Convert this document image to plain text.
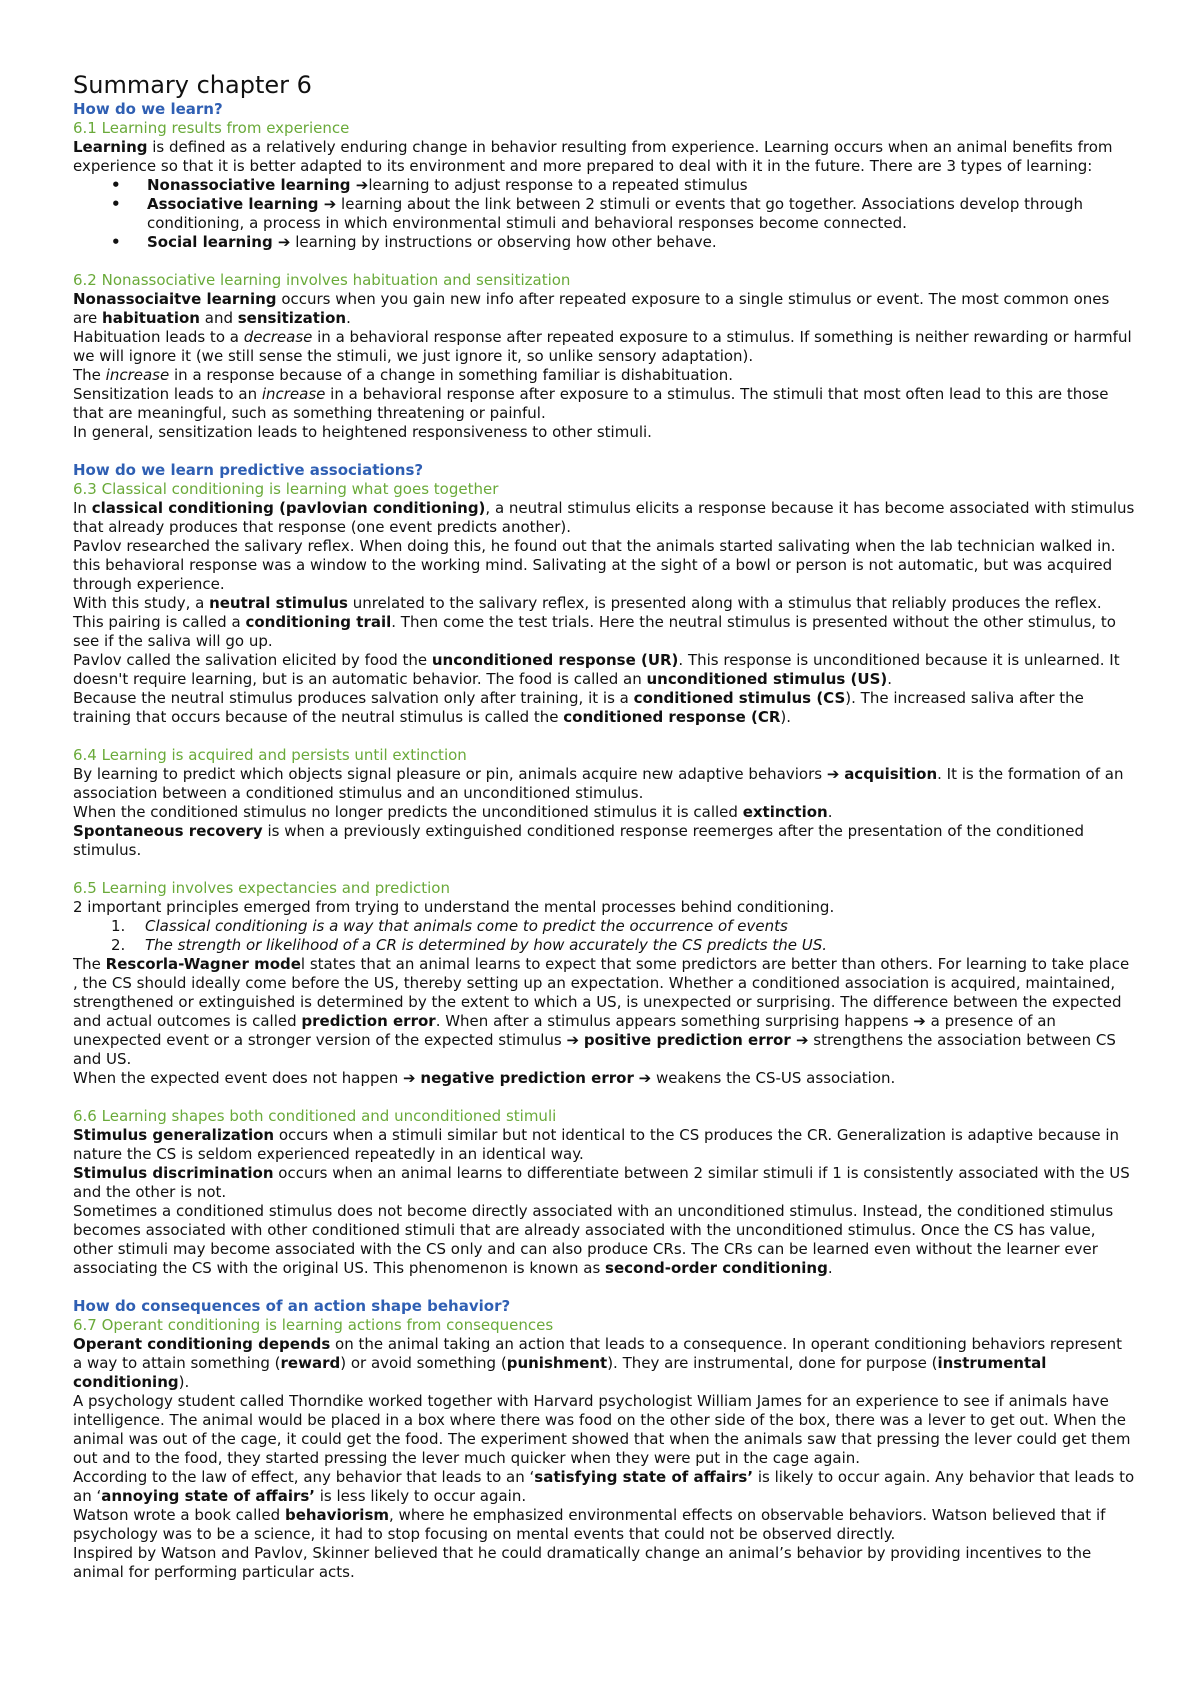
Summary chapter 6
How do we learn?
6.1 Learning results from experience

Learning is defined as a relatively enduring change in behavior resulting from experience. Learning occurs when an animal benefits from experience so that it is better adapted to its environment and more prepared to deal with it in the future. There are 3 types of learning:

• Nonassociative learning ➔learning to adjust response to a repeated stimulus
• Associative learning ➔ learning about the link between 2 stimuli or events that go together. Associations develop through conditioning, a process in which environmental stimuli and behavioral responses become connected.
• Social learning ➔ learning by instructions or observing how other behave.
6.2 Nonassociative learning involves habituation and sensitization

Nonassociaitve learning occurs when you gain new info after repeated exposure to a single stimulus or event. The most common ones are habituation and sensitization.

Habituation leads to a decrease in a behavioral response after repeated exposure to a stimulus. If something is neither rewarding or harmful we will ignore it (we still sense the stimuli, we just ignore it, so unlike sensory adaptation).

The increase in a response because of a change in something familiar is dishabituation.

Sensitization leads to an increase in a behavioral response after exposure to a stimulus. The stimuli that most often lead to this are those that are meaningful, such as something threatening or painful.

In general, sensitization leads to heightened responsiveness to other stimuli.

How do we learn predictive associations?
6.3 Classical conditioning is learning what goes together

In classical conditioning (pavlovian conditioning), a neutral stimulus elicits a response because it has become associated with stimulus that already produces that response (one event predicts another).

Pavlov researched the salivary reflex. When doing this, he found out that the animals started salivating when the lab technician walked in. this behavioral response was a window to the working mind. Salivating at the sight of a bowl or person is not automatic, but was acquired through experience.

With this study, a neutral stimulus unrelated to the salivary reflex, is presented along with a stimulus that reliably produces the reflex. This pairing is called a conditioning trail. Then come the test trials. Here the neutral stimulus is presented without the other stimulus, to see if the saliva will go up.

Pavlov called the salivation elicited by food the unconditioned response (UR). This response is unconditioned because it is unlearned. It doesn't require learning, but is an automatic behavior. The food is called an unconditioned stimulus (US).

Because the neutral stimulus produces salvation only after training, it is a conditioned stimulus (CS). The increased saliva after the training that occurs because of the neutral stimulus is called the conditioned response (CR).

6.4 Learning is acquired and persists until extinction

By learning to predict which objects signal pleasure or pin, animals acquire new adaptive behaviors ➔ acquisition. It is the formation of an association between a conditioned stimulus and an unconditioned stimulus.

When the conditioned stimulus no longer predicts the unconditioned stimulus it is called extinction.

Spontaneous recovery is when a previously extinguished conditioned response reemerges after the presentation of the conditioned stimulus.

6.5 Learning involves expectancies and prediction

2 important principles emerged from trying to understand the mental processes behind conditioning.

1. Classical conditioning is a way that animals come to predict the occurrence of events
2. The strength or likelihood of a CR is determined by how accurately the CS predicts the US.

The Rescorla-Wagner model states that an animal learns to expect that some predictors are better than others. For learning to take place , the CS should ideally come before the US, thereby setting up an expectation. Whether a conditioned association is acquired, maintained, strengthened or extinguished is determined by the extent to which a US, is unexpected or surprising. The difference between the expected and actual outcomes is called prediction error. When after a stimulus appears something surprising happens ➔ a presence of an unexpected event or a stronger version of the expected stimulus ➔ positive prediction error ➔ strengthens the association between CS and US.

When the expected event does not happen ➔ negative prediction error ➔ weakens the CS-US association.

6.6 Learning shapes both conditioned and unconditioned stimuli

Stimulus generalization occurs when a stimuli similar but not identical to the CS produces the CR. Generalization is adaptive because in nature the CS is seldom experienced repeatedly in an identical way.

Stimulus discrimination occurs when an animal learns to differentiate between 2 similar stimuli if 1 is consistently associated with the US and the other is not.

Sometimes a conditioned stimulus does not become directly associated with an unconditioned stimulus. Instead, the conditioned stimulus becomes associated with other conditioned stimuli that are already associated with the unconditioned stimulus. Once the CS has value, other stimuli may become associated with the CS only and can also produce CRs. The CRs can be learned even without the learner ever associating the CS with the original US. This phenomenon is known as second-order conditioning.

How do consequences of an action shape behavior?
6.7 Operant conditioning is learning actions from consequences

Operant conditioning depends on the animal taking an action that leads to a consequence. In operant conditioning behaviors represent a way to attain something (reward) or avoid something (punishment). They are instrumental, done for purpose (instrumental conditioning).

A psychology student called Thorndike worked together with Harvard psychologist William James for an experience to see if animals have intelligence. The animal would be placed in a box where there was food on the other side of the box, there was a lever to get out. When the animal was out of the cage, it could get the food. The experiment showed that when the animals saw that pressing the lever could get them out and to the food, they started pressing the lever much quicker when they were put in the cage again.

According to the law of effect, any behavior that leads to an ‘satisfying state of affairs’ is likely to occur again. Any behavior that leads to an ‘annoying state of affairs’ is less likely to occur again.

Watson wrote a book called behaviorism, where he emphasized environmental effects on observable behaviors. Watson believed that if psychology was to be a science, it had to stop focusing on mental events that could not be observed directly.

Inspired by Watson and Pavlov, Skinner believed that he could dramatically change an animal’s behavior by providing incentives to the animal for performing particular acts.
